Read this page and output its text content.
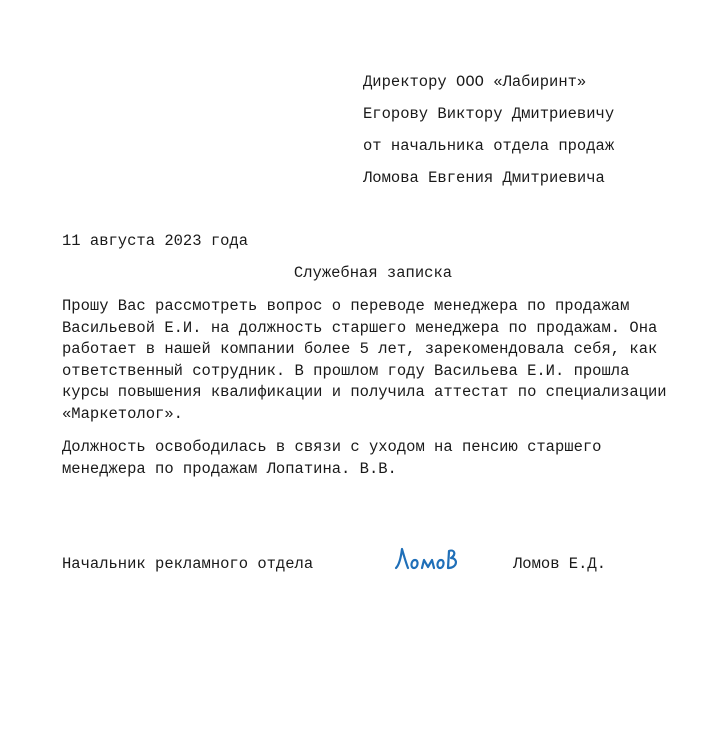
Директору ООО «Лабиринт»
Егорову Виктору Дмитриевичу
от начальника отдела продаж
Ломова Евгения Дмитриевича
11 августа 2023 года
Служебная записка

Прошу Вас рассмотреть вопрос о переводе менеджера по продажам Васильевой Е.И. на должность старшего менеджера по продажам. Она работает в нашей компании более 5 лет, зарекомендовала себя, как ответственный сотрудник. В прошлом году Васильева Е.И. прошла курсы повышения квалификации и получила аттестат по специализации «Маркетолог».

Должность освободилась в связи с уходом на пенсию старшего менеджера по продажам Лопатина. В.В.

Начальник рекламного отдела	Ломов Е.Д.
